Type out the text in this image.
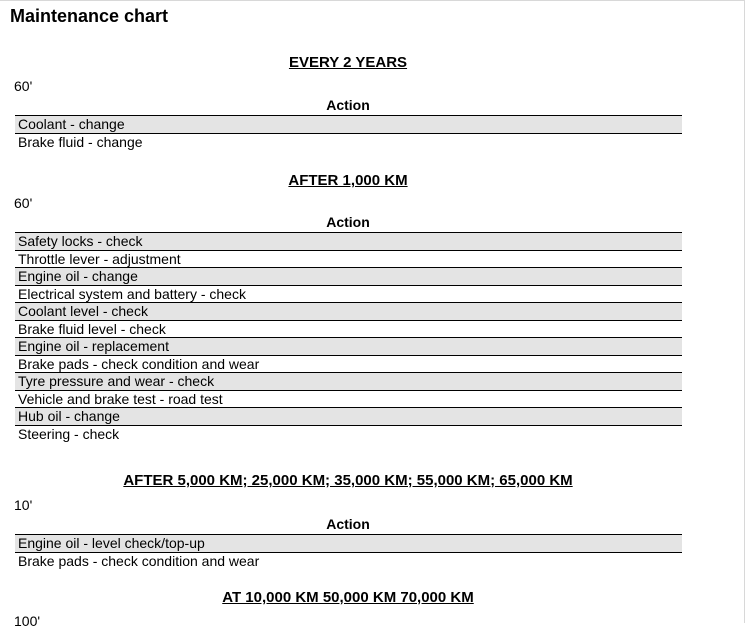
Maintenance chart
EVERY 2 YEARS
60'
Action
Coolant - change
Brake fluid - change
AFTER 1,000 KM
60'
Action
Safety locks - check
Throttle lever - adjustment
Engine oil - change
Electrical system and battery - check
Coolant level - check
Brake fluid level - check
Engine oil - replacement
Brake pads - check condition and wear
Tyre pressure and wear - check
Vehicle and brake test - road test
Hub oil - change
Steering - check
AFTER 5,000 KM; 25,000 KM; 35,000 KM; 55,000 KM; 65,000 KM
10'
Action
Engine oil - level check/top-up
Brake pads - check condition and wear
AT 10,000 KM 50,000 KM 70,000 KM
100'
